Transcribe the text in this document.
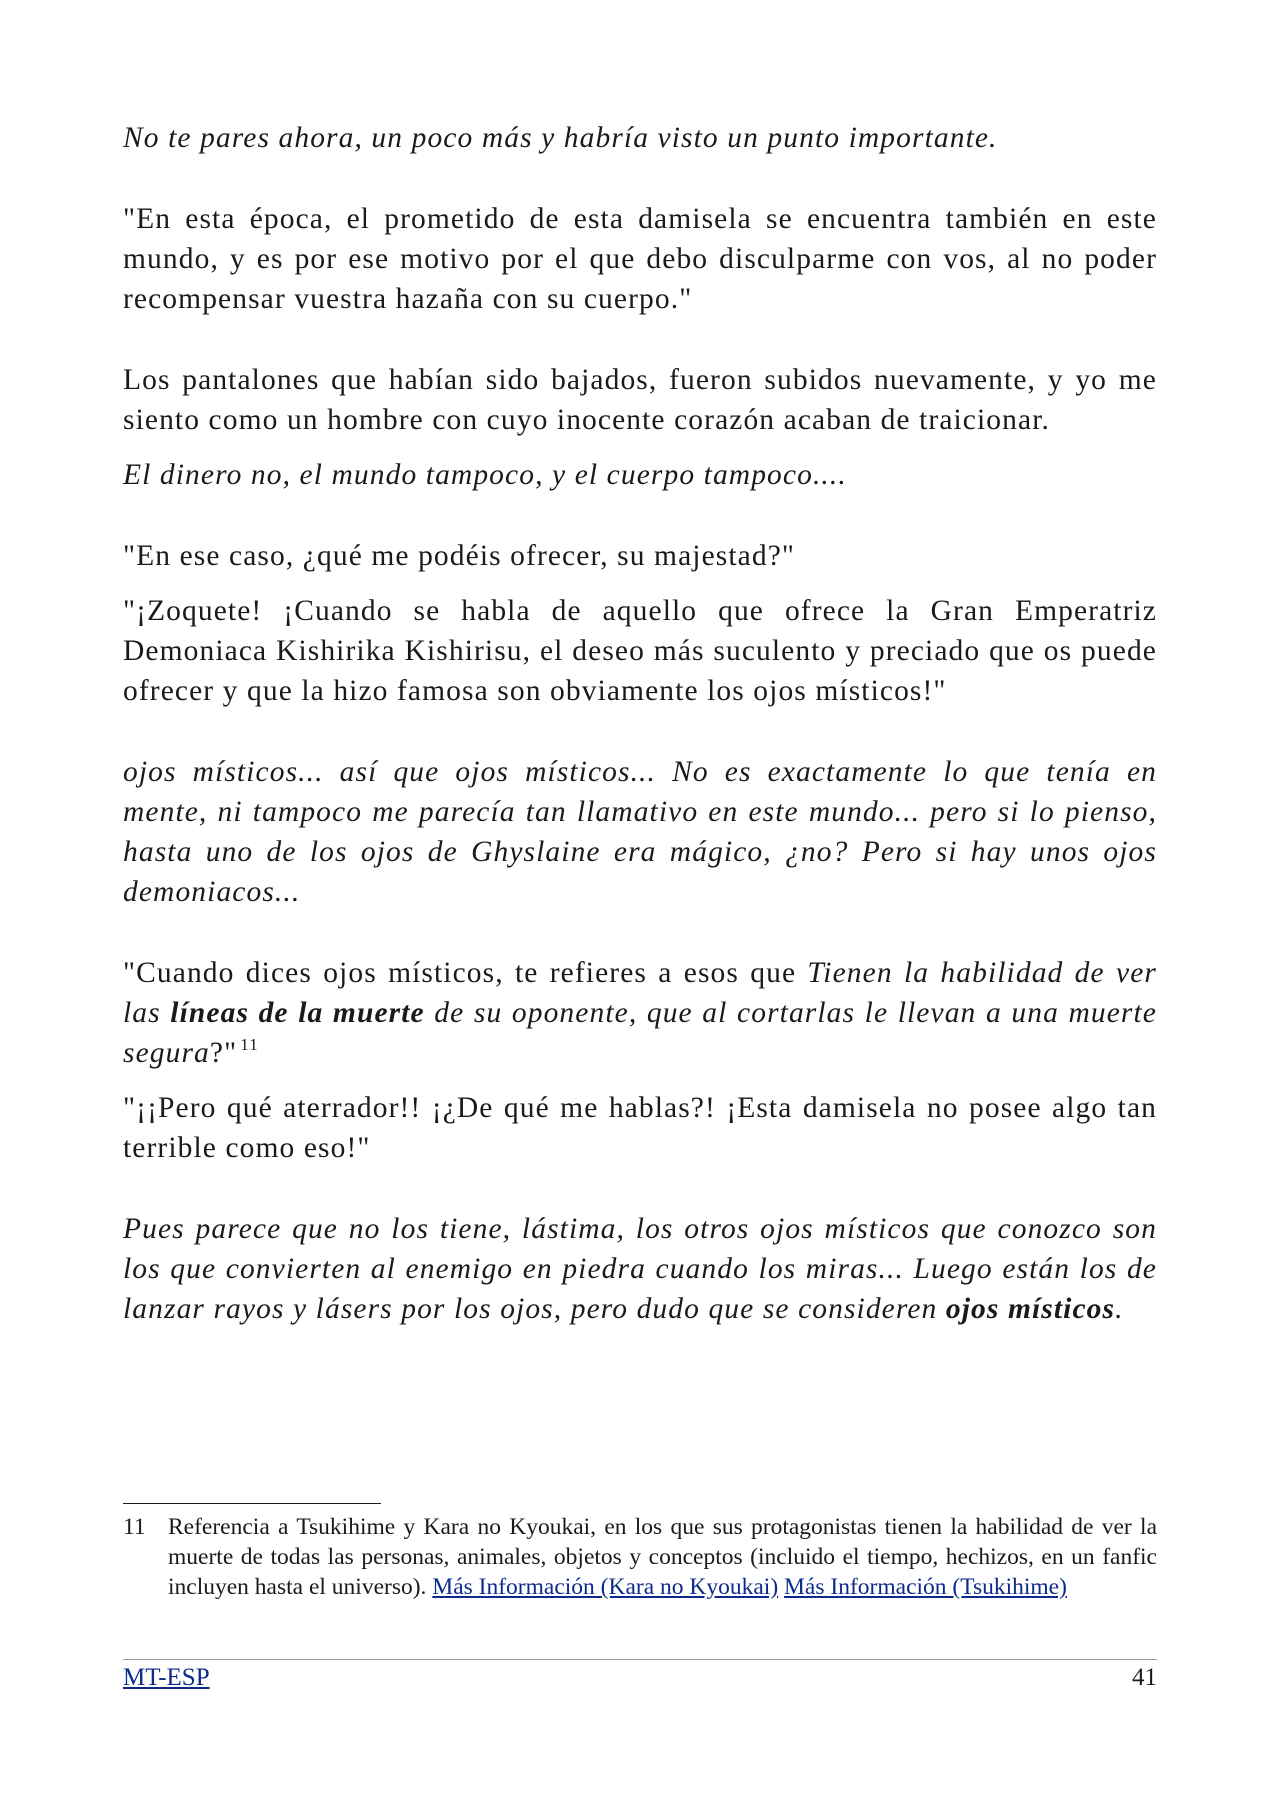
No te pares ahora, un poco más y habría visto un punto importante.

"En esta época, el prometido de esta damisela se encuentra también en este mundo, y es por ese motivo por el que debo disculparme con vos, al no poder recompensar vuestra hazaña con su cuerpo."

Los pantalones que habían sido bajados, fueron subidos nuevamente, y yo me siento como un hombre con cuyo inocente corazón acaban de traicionar.

El dinero no, el mundo tampoco, y el cuerpo tampoco....

"En ese caso, ¿qué me podéis ofrecer, su majestad?"

"¡Zoquete! ¡Cuando se habla de aquello que ofrece la Gran Emperatriz Demoniaca Kishirika Kishirisu, el deseo más suculento y preciado que os puede ofrecer y que la hizo famosa son obviamente los ojos místicos!"

ojos místicos... así que ojos místicos... No es exactamente lo que tenía en mente, ni tampoco me parecía tan llamativo en este mundo... pero si lo pienso, hasta uno de los ojos de Ghyslaine era mágico, ¿no? Pero si hay unos ojos demoniacos...

"Cuando dices ojos místicos, te refieres a esos que Tienen la habilidad de ver las líneas de la muerte de su oponente, que al cortarlas le llevan a una muerte segura?" $^{11}$

"¡¡Pero qué aterrador!! ¡¿De qué me hablas?! ¡Esta damisela no posee algo tan terrible como eso!"

Pues parece que no los tiene, lástima, los otros ojos místicos que conozco son los que convierten al enemigo en piedra cuando los miras... Luego están los de lanzar rayos y lásers por los ojos, pero dudo que se consideren ojos místicos.

11 Referencia a Tsukihime y Kara no Kyoukai, en los que sus protagonistas tienen la habilidad de ver la muerte de todas las personas, animales, objetos y conceptos (incluido el tiempo, hechizos, en un fanfic incluyen hasta el universo). Más Información (Kara no Kyoukai) Más Información (Tsukihime)
MT-ESP	41
